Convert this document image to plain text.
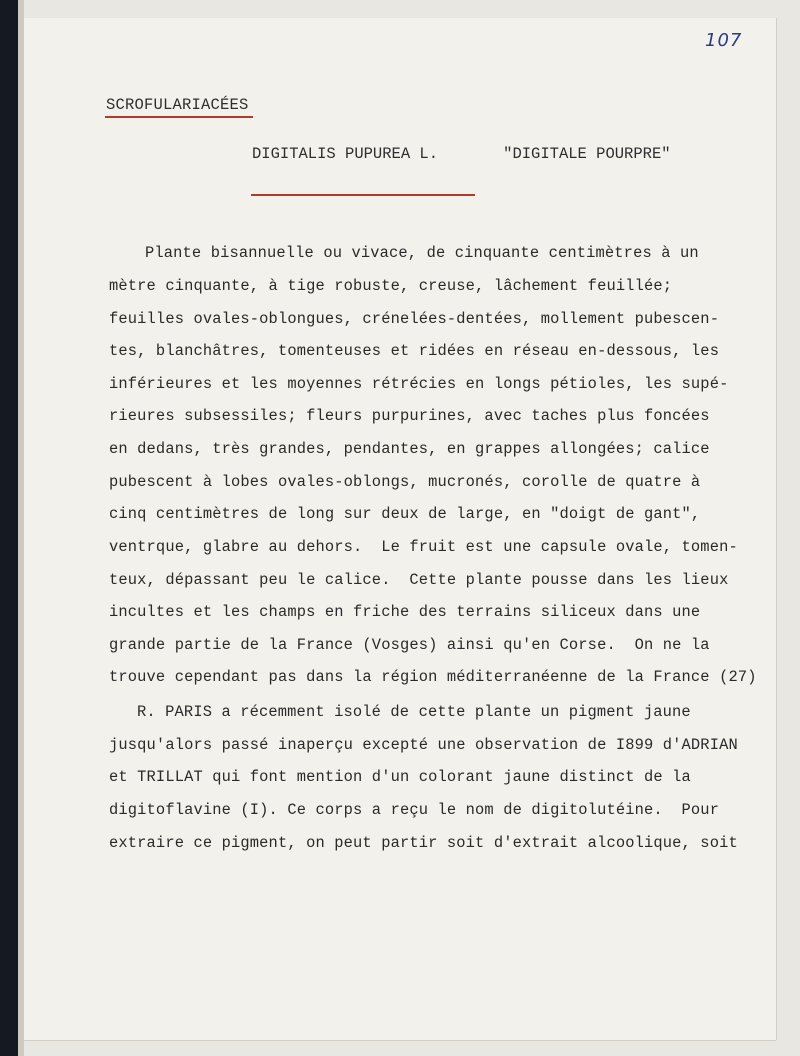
107
SCROFULARIACÉES
DIGITALIS PUPUREA L.       "DIGITALE POURPRE"
Plante bisannuelle ou vivace, de cinquante centimètres à un
mètre cinquante, à tige robuste, creuse, lâchement feuillée;
feuilles ovales-oblongues, crénelées-dentées, mollement pubescen-
tes, blanchâtres, tomenteuses et ridées en réseau en-dessous, les
inférieures et les moyennes rétrécies en longs pétioles, les supé-
rieures subsessiles; fleurs purpurines, avec taches plus foncées
en dedans, très grandes, pendantes, en grappes allongées; calice
pubescent à lobes ovales-oblongs, mucronés, corolle de quatre à
cinq centimètres de long sur deux de large, en "doigt de gant",
ventrque, glabre au dehors.  Le fruit est une capsule ovale, tomen-
teux, dépassant peu le calice.  Cette plante pousse dans les lieux
incultes et les champs en friche des terrains siliceux dans une
grande partie de la France (Vosges) ainsi qu'en Corse.  On ne la
trouve cependant pas dans la région méditerranéenne de la France (27)
R. PARIS a récemment isolé de cette plante un pigment jaune
jusqu'alors passé inaperçu excepté une observation de I899 d'ADRIAN
et TRILLAT qui font mention d'un colorant jaune distinct de la
digitoflavine (I). Ce corps a reçu le nom de digitolutéine.  Pour
extraire ce pigment, on peut partir soit d'extrait alcoolique, soit
